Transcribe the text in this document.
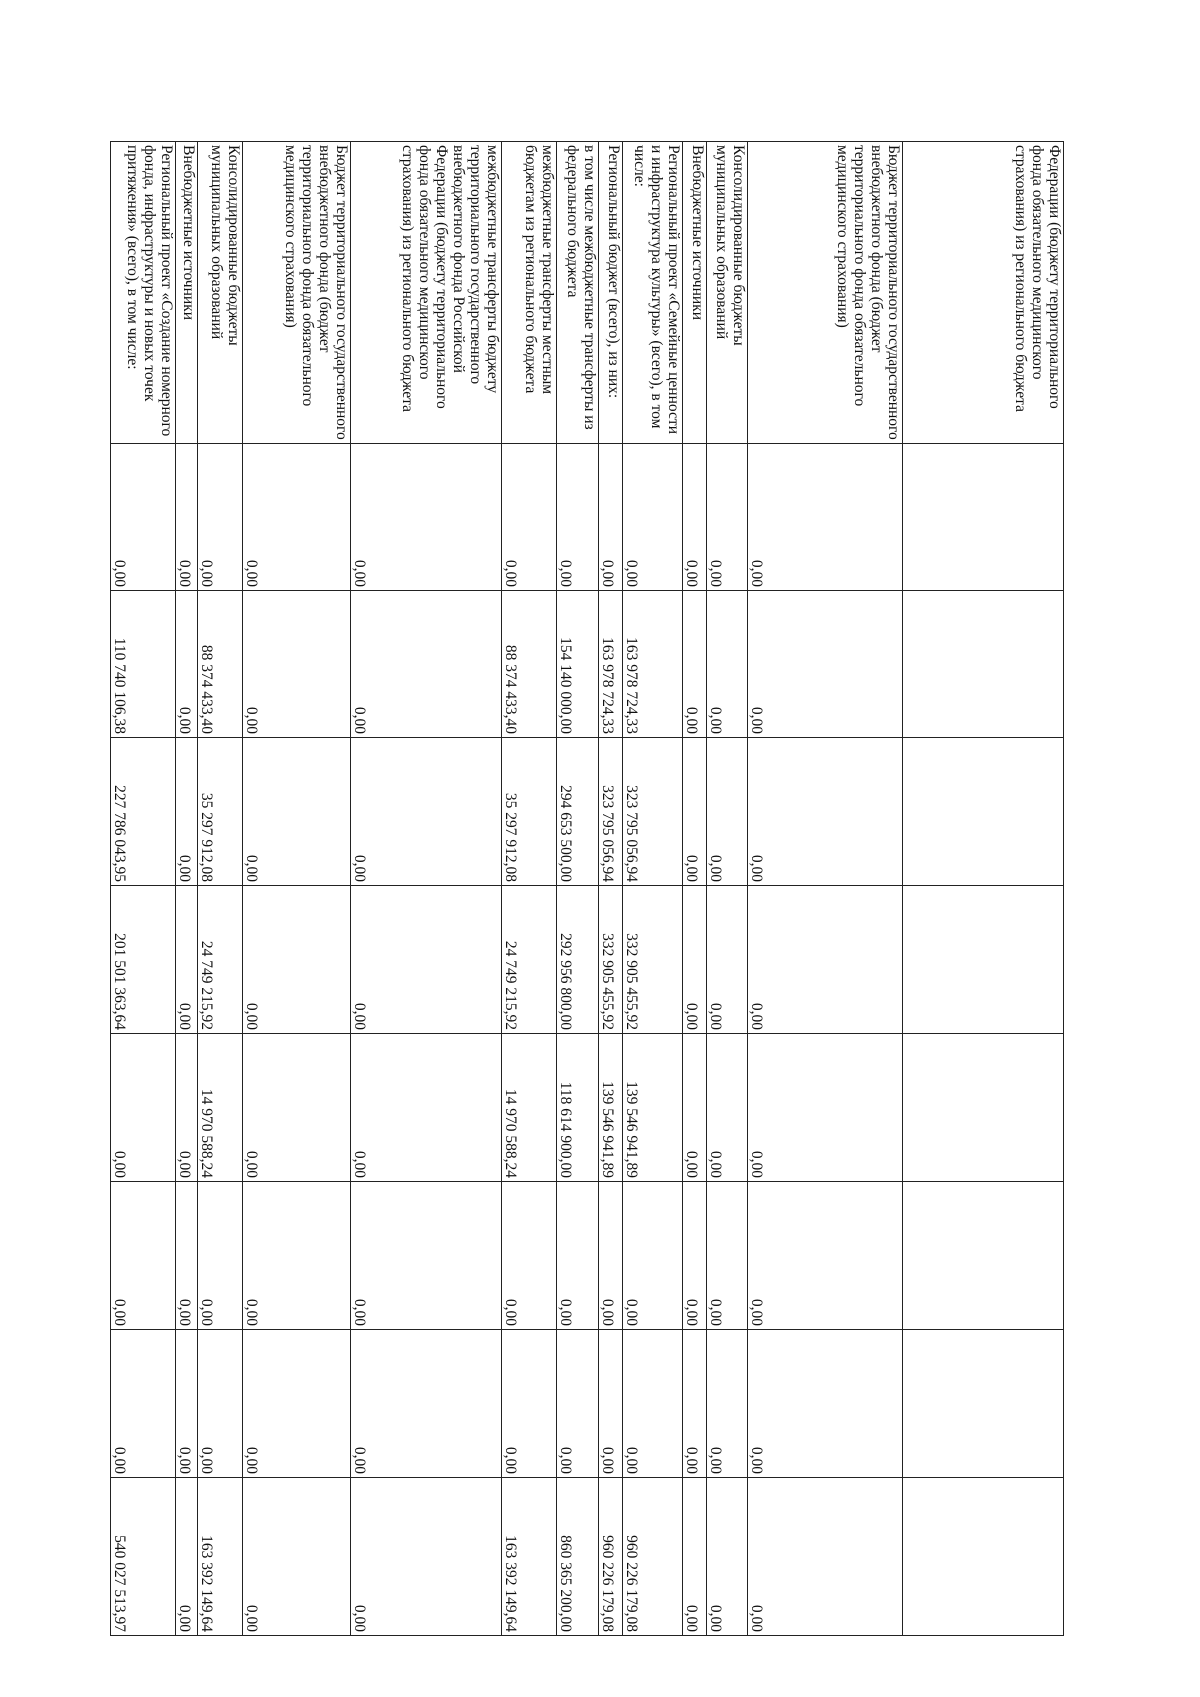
Федерации (бюджету территориального фонда обязательного медицинского страхования) из регионального бюджета								
Бюджет территориального государственного внебюджетного фонда (бюджет территориального фонда обязательного медицинского страхования)	0,00	0,00	0,00	0,00	0,00	0,00	0,00	0,00
Консолидированные бюджеты муниципальных образований	0,00	0,00	0,00	0,00	0,00	0,00	0,00	0,00
Внебюджетные источники	0,00	0,00	0,00	0,00	0,00	0,00	0,00	0,00
Региональный проект «Семейные ценности и инфраструктура культуры» (всего), в том числе:	0,00	163 978 724,33	323 795 056,94	332 905 455,92	139 546 941,89	0,00	0,00	960 226 179,08
Региональный бюджет (всего), из них:	0,00	163 978 724,33	323 795 056,94	332 905 455,92	139 546 941,89	0,00	0,00	960 226 179,08
в том числе межбюджетные трансферты из федерального бюджета	0,00	154 140 000,00	294 653 500,00	292 956 800,00	118 614 900,00	0,00	0,00	860 365 200,00
межбюджетные трансферты местным бюджетам из регионального бюджета	0,00	88 374 433,40	35 297 912,08	24 749 215,92	14 970 588,24	0,00	0,00	163 392 149,64
межбюджетные трансферты бюджету территориального государственного внебюджетного фонда Российской Федерации (бюджету территориального фонда обязательного медицинского страхования) из регионального бюджета	0,00	0,00	0,00	0,00	0,00	0,00	0,00	0,00
Бюджет территориального государственного внебюджетного фонда (бюджет территориального фонда обязательного медицинского страхования)	0,00	0,00	0,00	0,00	0,00	0,00	0,00	0,00
Консолидированные бюджеты муниципальных образований	0,00	88 374 433,40	35 297 912,08	24 749 215,92	14 970 588,24	0,00	0,00	163 392 149,64
Внебюджетные источники	0,00	0,00	0,00	0,00	0,00	0,00	0,00	0,00
Региональный проект «Создание номерного фонда, инфраструктуры и новых точек притяжения» (всего), в том числе:	0,00	110 740 106,38	227 786 043,95	201 501 363,64	0,00	0,00	0,00	540 027 513,97
